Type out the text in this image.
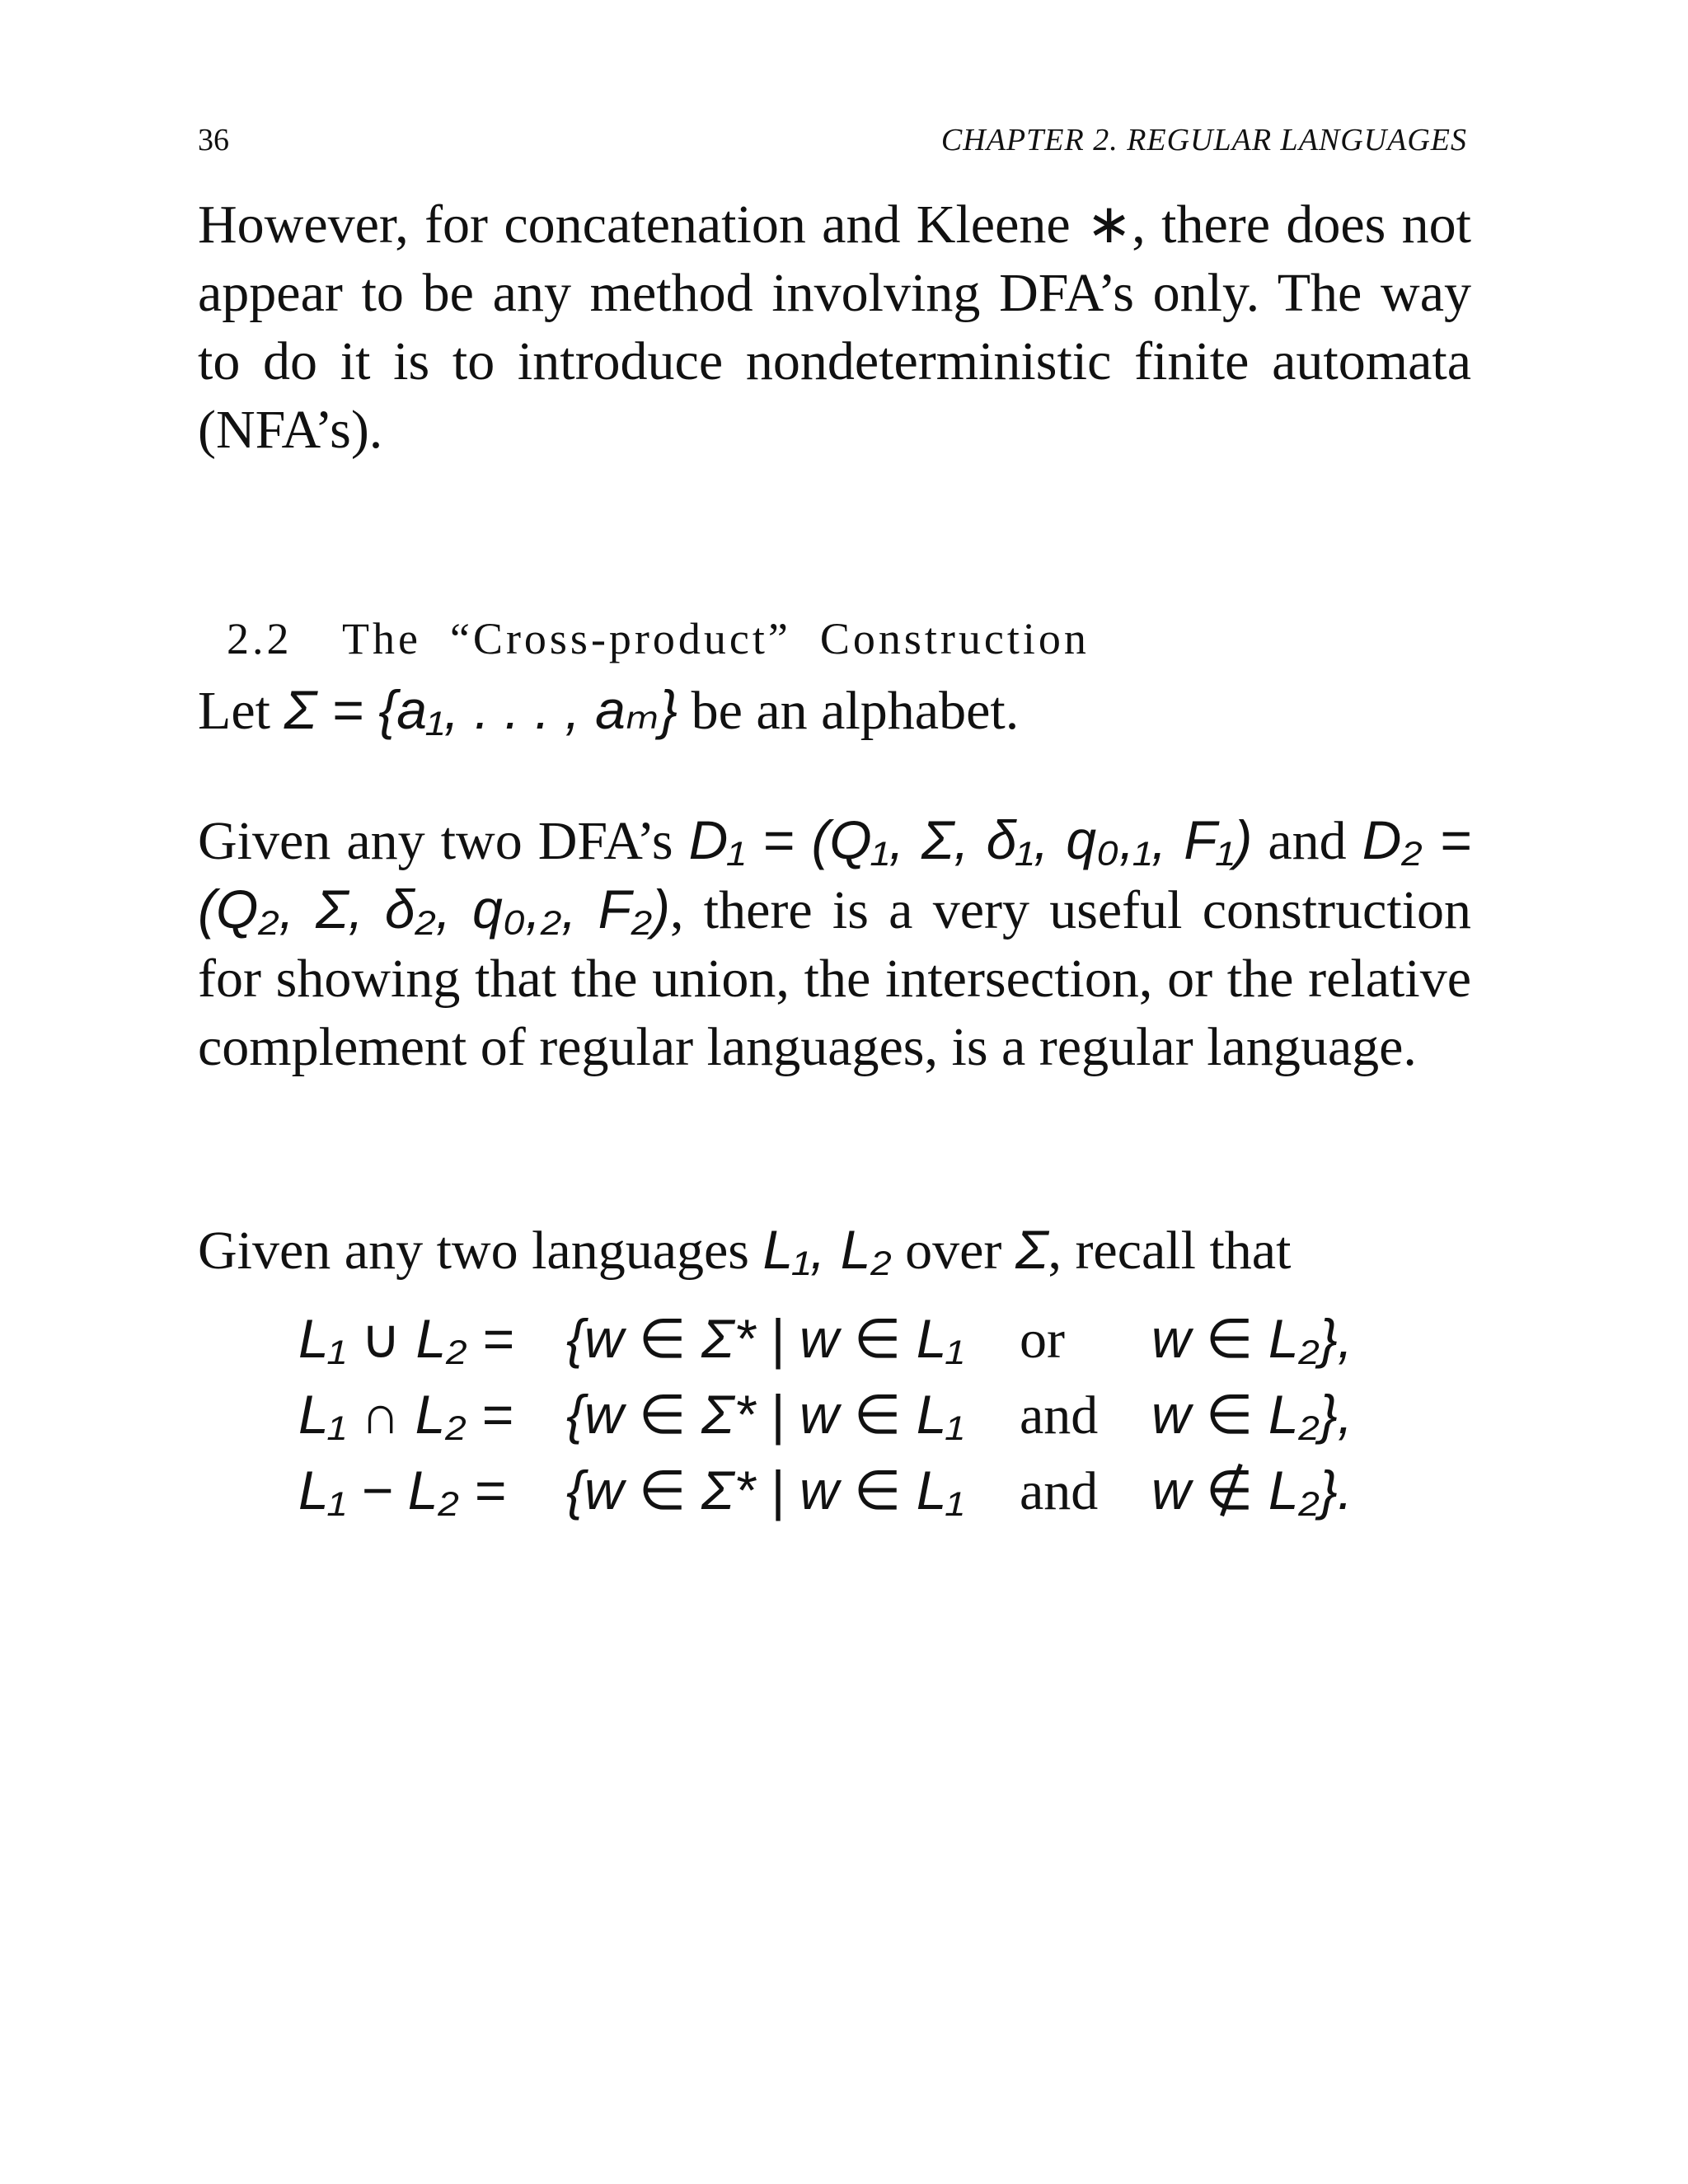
36	CHAPTER 2. REGULAR LANGUAGES

However, for concatenation and Kleene ∗, there does not appear to be any method involving DFA’s only. The way to do it is to introduce nondeterministic finite automata (NFA’s).

2.2 The  “Cross-product”  Construction

Let Σ = {a₁, . . . , aₘ} be an alphabet.

Given any two DFA’s D₁ = (Q₁, Σ, δ₁, q₀,₁, F₁) and D₂ = (Q₂, Σ, δ₂, q₀,₂, F₂), there is a very useful construction for showing that the union, the intersection, or the relative complement of regular languages, is a regular language.

Given any two languages L₁, L₂ over Σ, recall that

L₁ ∪ L₂ = {w ∈ Σ* | w ∈ L₁	or	w ∈ L₂},
L₁ ∩ L₂ = {w ∈ Σ* | w ∈ L₁	and w ∈ L₂},
L₁ − L₂ =	{w ∈ Σ* | w ∈ L₁	and w ∉ L₂}.
